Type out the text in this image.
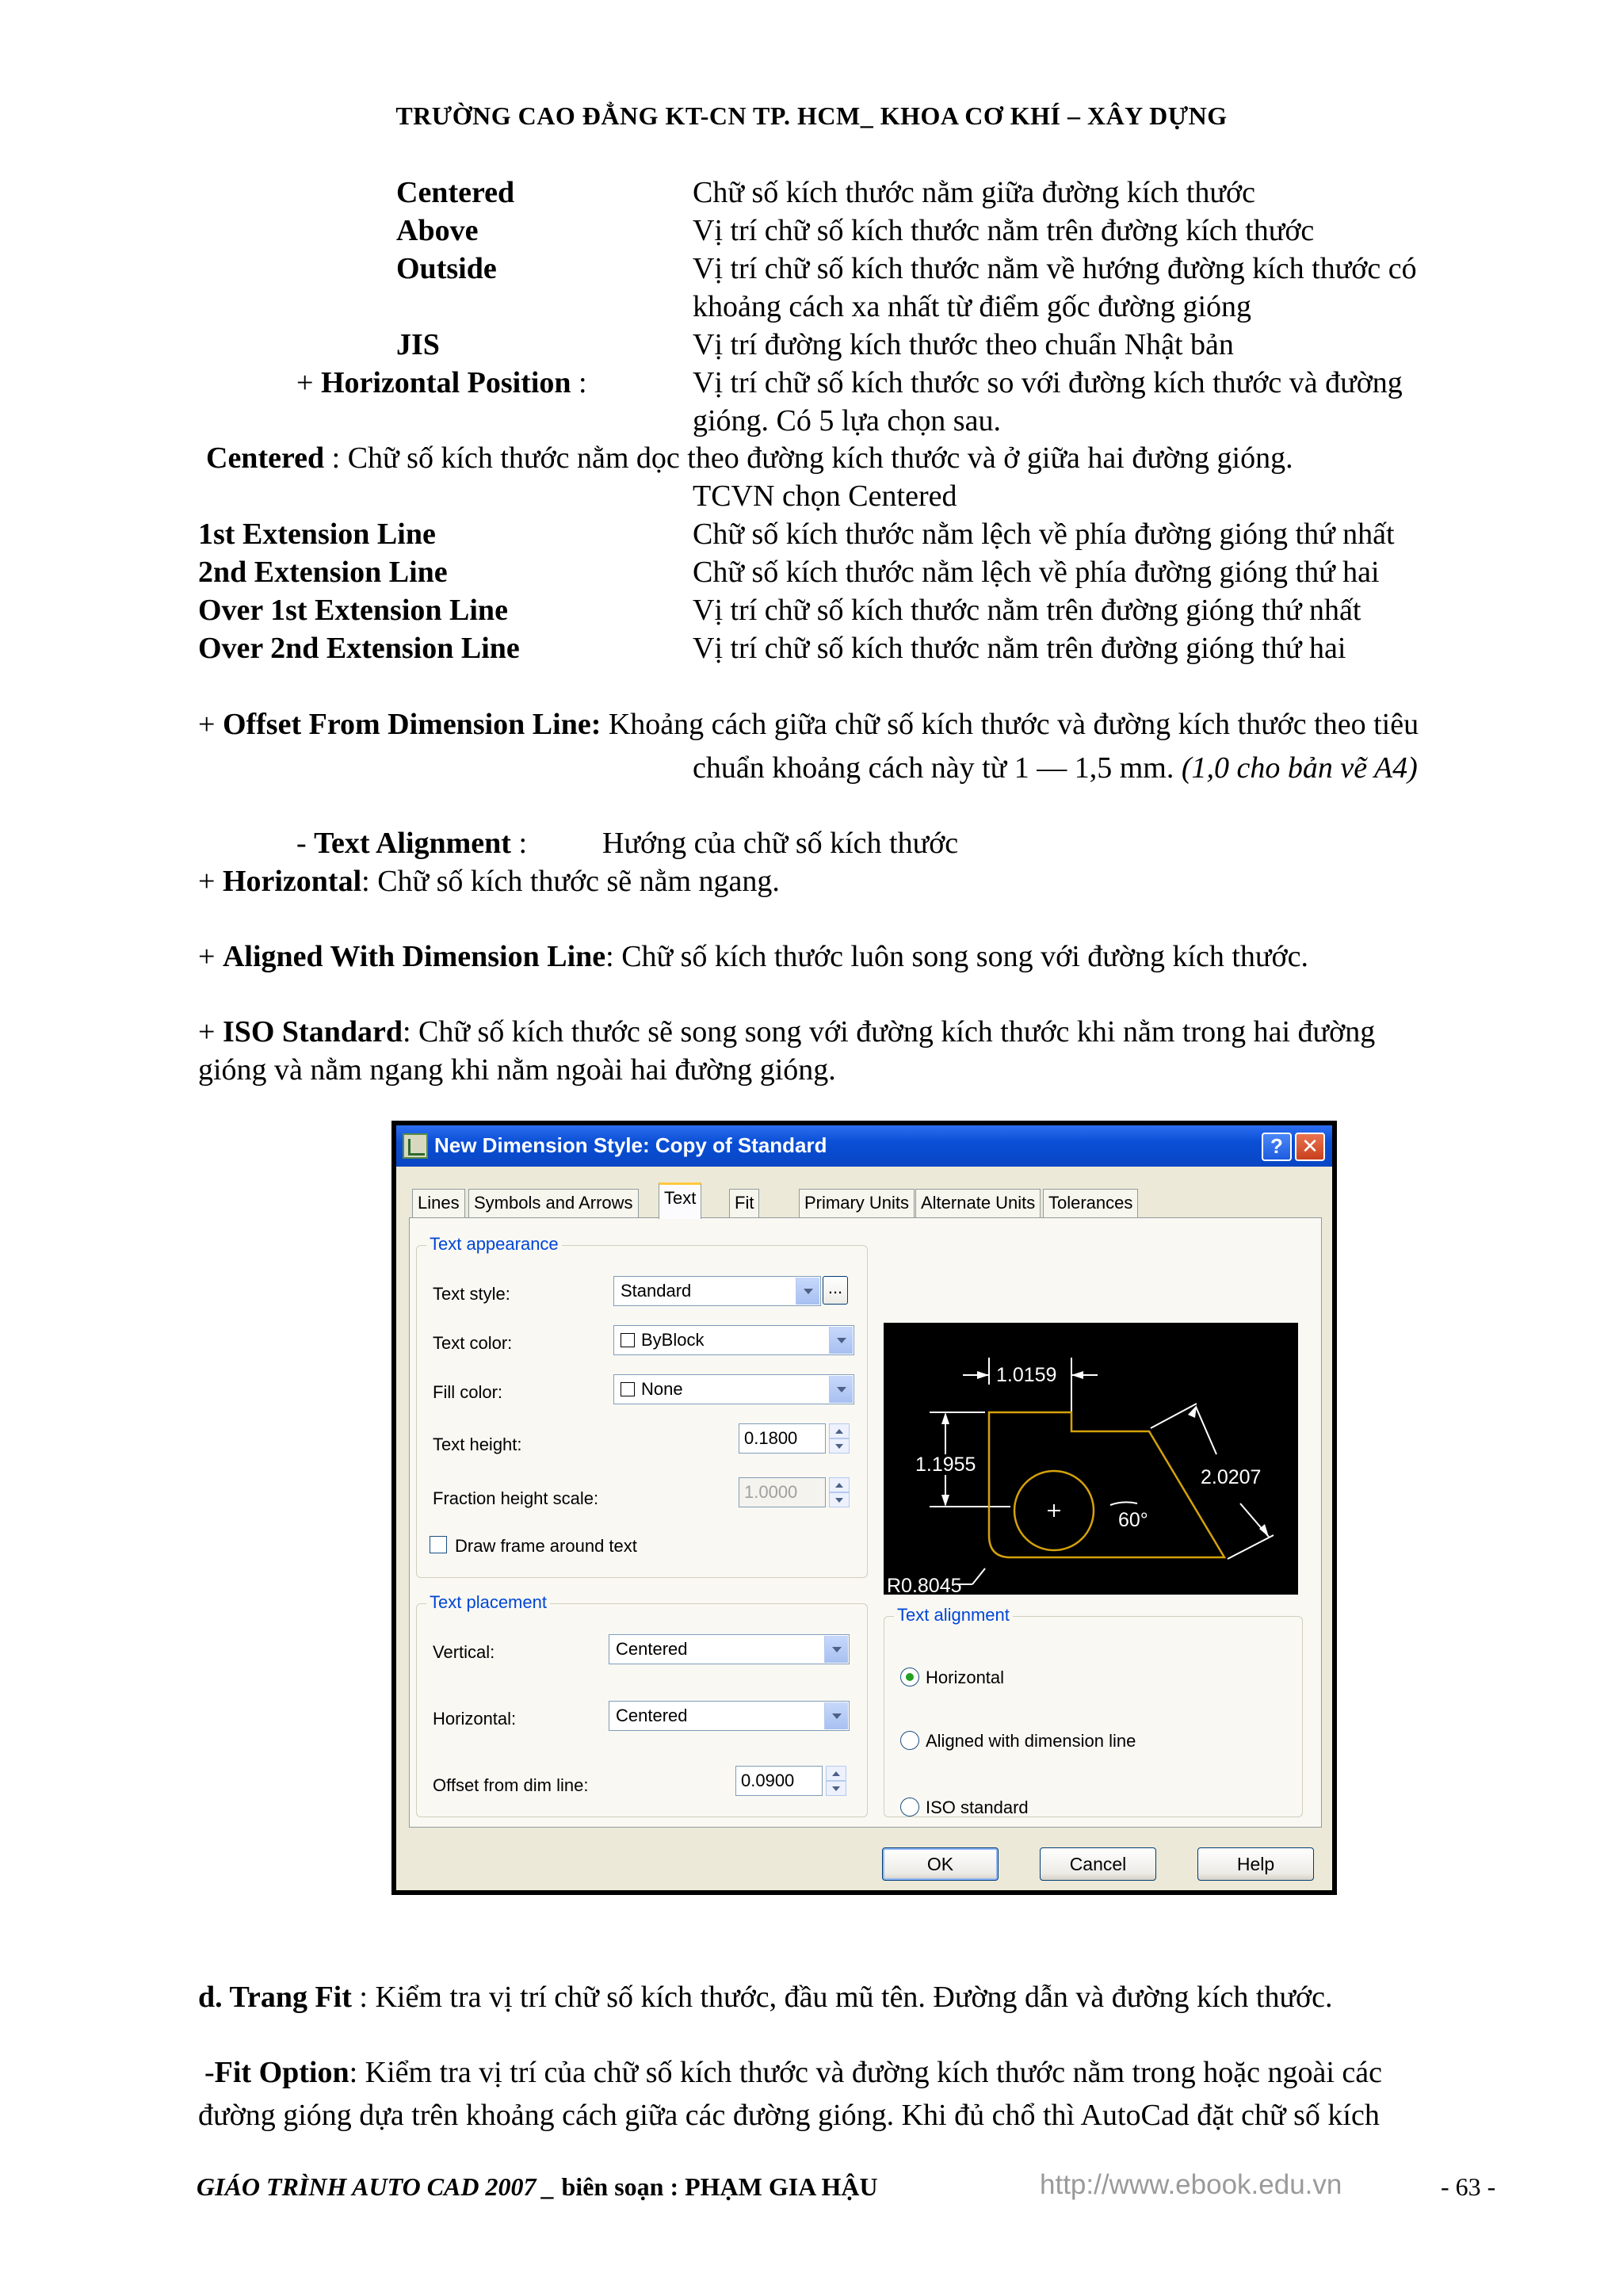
TRƯỜNG CAO ĐẲNG KT-CN TP. HCM_ KHOA CƠ KHÍ – XÂY DỰNG
Centered	Chữ số kích thước nằm giữa đường kích thước
Above	Vị trí chữ số kích thước nằm trên đường kích thước
Outside	Vị trí chữ số kích thước nằm về hướng đường kích thước có
khoảng cách xa nhất từ điểm gốc đường gióng
JIS	Vị trí đường kích thước theo chuẩn Nhật bản
+ Horizontal Position :	Vị trí chữ số kích thước so với đường kích thước và đường
gióng. Có 5 lựa chọn sau.
Centered : Chữ số kích thước nằm dọc theo đường kích thước và ở giữa hai đường gióng.
TCVN chọn Centered
1st Extension Line	Chữ số kích thước nằm lệch về phía đường gióng thứ nhất
2nd Extension Line	Chữ số kích thước nằm lệch về phía đường gióng thứ hai
Over 1st Extension Line	Vị trí chữ số kích thước nằm trên đường gióng thứ nhất
Over 2nd Extension Line	Vị trí chữ số kích thước nằm trên đường gióng thứ hai
+ Offset From Dimension Line: Khoảng cách giữa chữ số kích thước và đường kích thước theo tiêu
chuẩn khoảng cách này từ 1 — 1,5 mm. (1,0 cho bản vẽ A4)
- Text Alignment :	Hướng của chữ số kích thước
+ Horizontal: Chữ số kích thước sẽ nằm ngang.
+ Aligned With Dimension Line: Chữ số kích thước luôn song song với đường kích thước.
+ ISO Standard: Chữ số kích thước sẽ song song với đường kích thước khi nằm trong hai đường
gióng và nằm ngang khi nằm ngoài hai đường gióng.
New Dimension Style: Copy of Standard	? ✕
Lines Symbols and Arrows	Text	Fit	Primary Units Alternate Units Tolerances
Text appearance
Text style:	Standard	...
Text color:	ByBlock
Fill color:	None
Text height:	0.1800
Fraction height scale:	1.0000
Draw frame around text
Text placement
Vertical:	Centered
Horizontal:	Centered
Offset from dim line:	0.0900
1.0159
1.1955
2.0207
60°
R0.8045
Text alignment
Horizontal
Aligned with dimension line
ISO standard
OK	Cancel	Help
d. Trang Fit : Kiểm tra vị trí chữ số kích thước, đầu mũ tên. Đường dẫn và đường kích thước.
-Fit Option: Kiểm tra vị trí của chữ số kích thước và đường kích thước nằm trong hoặc ngoài các
đường gióng dựa trên khoảng cách giữa các đường gióng. Khi đủ chổ thì AutoCad đặt chữ số kích
GIÁO TRÌNH AUTO CAD 2007 _ biên soạn : PHẠM GIA HẬU	http://www.ebook.edu.vn	- 63 -
